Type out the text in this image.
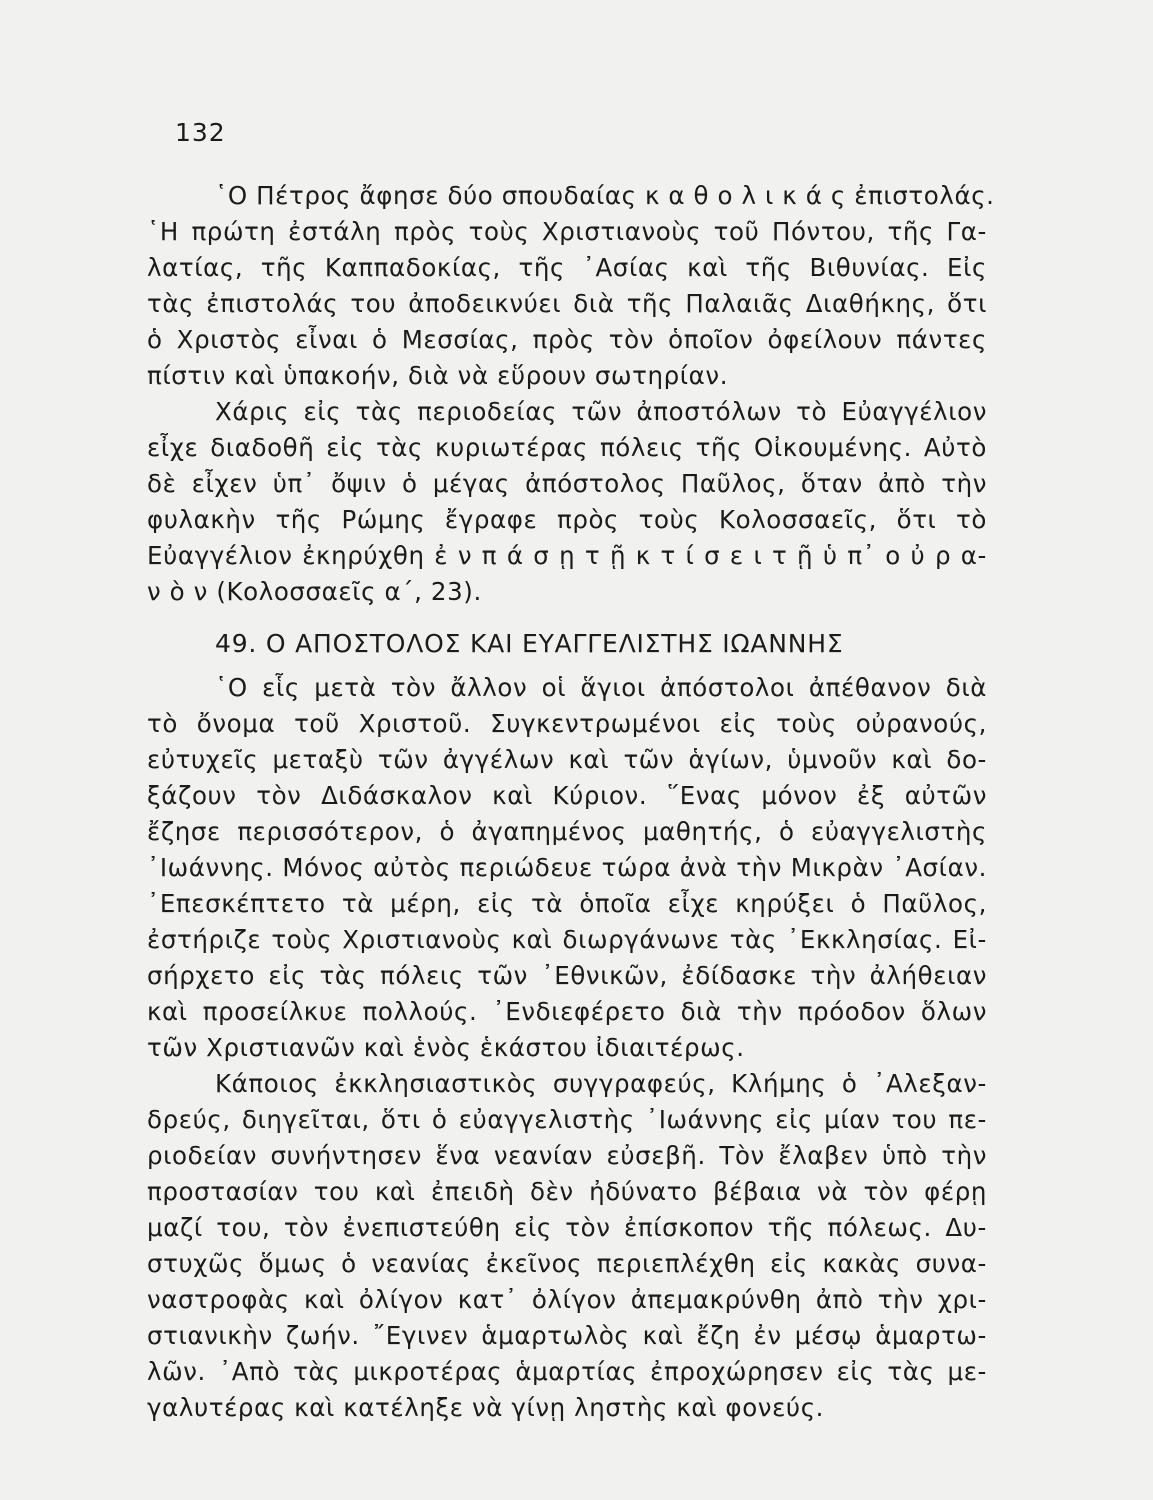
132
῾Ο Πέτρος ἄφησε δύο σπουδαίας κ α θ ο λ ι κ ά ς ἐπιστολάς.
῾Η πρώτη ἐστάλη πρὸς τοὺς Χριστιανοὺς τοῦ Πόντου, τῆς Γα-
λατίας, τῆς Καππαδοκίας, τῆς ᾿Ασίας καὶ τῆς Βιθυνίας. Εἰς
τὰς ἐπιστολάς του ἀποδεικνύει διὰ τῆς Παλαιᾶς Διαθήκης, ὅτι
ὁ Χριστὸς εἶναι ὁ Μεσσίας, πρὸς τὸν ὁποῖον ὀφείλουν πάντες
πίστιν καὶ ὑπακοήν, διὰ νὰ εὕρουν σωτηρίαν.
Χάρις εἰς τὰς περιοδείας τῶν ἀποστόλων τὸ Εὐαγγέλιον
εἶχε διαδοθῆ εἰς τὰς κυριωτέρας πόλεις τῆς Οἰκουμένης. Αὐτὸ
δὲ εἶχεν ὑπ᾿ ὄψιν ὁ μέγας ἀπόστολος Παῦλος, ὅταν ἀπὸ τὴν
φυλακὴν τῆς Ρώμης ἔγραφε πρὸς τοὺς Κολοσσαεῖς, ὅτι τὸ
Εὐαγγέλιον ἐκηρύχθη ἐ ν π ά σ ῃ τ ῇ κ τ ί σ ε ι τ ῇ ὑ π᾿ ο ὐ ρ α-
ν ὸ ν (Κολοσσαεῖς α΄, 23).
49. Ο ΑΠΟΣΤΟΛΟΣ ΚΑΙ ΕΥΑΓΓΕΛΙΣΤΗΣ ΙΩΑΝΝΗΣ
῾Ο εἷς μετὰ τὸν ἄλλον οἱ ἅγιοι ἀπόστολοι ἀπέθανον διὰ
τὸ ὄνομα τοῦ Χριστοῦ. Συγκεντρωμένοι εἰς τοὺς οὐρανούς,
εὐτυχεῖς μεταξὺ τῶν ἀγγέλων καὶ τῶν ἁγίων, ὑμνοῦν καὶ δο-
ξάζουν τὸν Διδάσκαλον καὶ Κύριον. ῞Ενας μόνον ἐξ αὐτῶν
ἔζησε περισσότερον, ὁ ἀγαπημένος μαθητής, ὁ εὐαγγελιστὴς
᾿Ιωάννης. Μόνος αὐτὸς περιώδευε τώρα ἀνὰ τὴν Μικρὰν ᾿Ασίαν.
᾿Επεσκέπτετο τὰ μέρη, εἰς τὰ ὁποῖα εἶχε κηρύξει ὁ Παῦλος,
ἐστήριζε τοὺς Χριστιανοὺς καὶ διωργάνωνε τὰς ᾿Εκκλησίας. Εἰ-
σήρχετο εἰς τὰς πόλεις τῶν ᾿Εθνικῶν, ἐδίδασκε τὴν ἀλήθειαν
καὶ προσείλκυε πολλούς. ᾿Ενδιεφέρετο διὰ τὴν πρόοδον ὅλων
τῶν Χριστιανῶν καὶ ἑνὸς ἑκάστου ἰδιαιτέρως.
Κάποιος ἐκκλησιαστικὸς συγγραφεύς, Κλήμης ὁ ᾿Αλεξαν-
δρεύς, διηγεῖται, ὅτι ὁ εὐαγγελιστὴς ᾿Ιωάννης εἰς μίαν του πε-
ριοδείαν συνήντησεν ἕνα νεανίαν εὐσεβῆ. Τὸν ἔλαβεν ὑπὸ τὴν
προστασίαν του καὶ ἐπειδὴ δὲν ἠδύνατο βέβαια νὰ τὸν φέρῃ
μαζί του, τὸν ἐνεπιστεύθη εἰς τὸν ἐπίσκοπον τῆς πόλεως. Δυ-
στυχῶς ὅμως ὁ νεανίας ἐκεῖνος περιεπλέχθη εἰς κακὰς συνα-
ναστροφὰς καὶ ὀλίγον κατ᾿ ὀλίγον ἀπεμακρύνθη ἀπὸ τὴν χρι-
στιανικὴν ζωήν. ῎Εγινεν ἁμαρτωλὸς καὶ ἔζη ἐν μέσῳ ἁμαρτω-
λῶν. ᾿Απὸ τὰς μικροτέρας ἁμαρτίας ἐπροχώρησεν εἰς τὰς με-
γαλυτέρας καὶ κατέληξε νὰ γίνῃ ληστὴς καὶ φονεύς.
